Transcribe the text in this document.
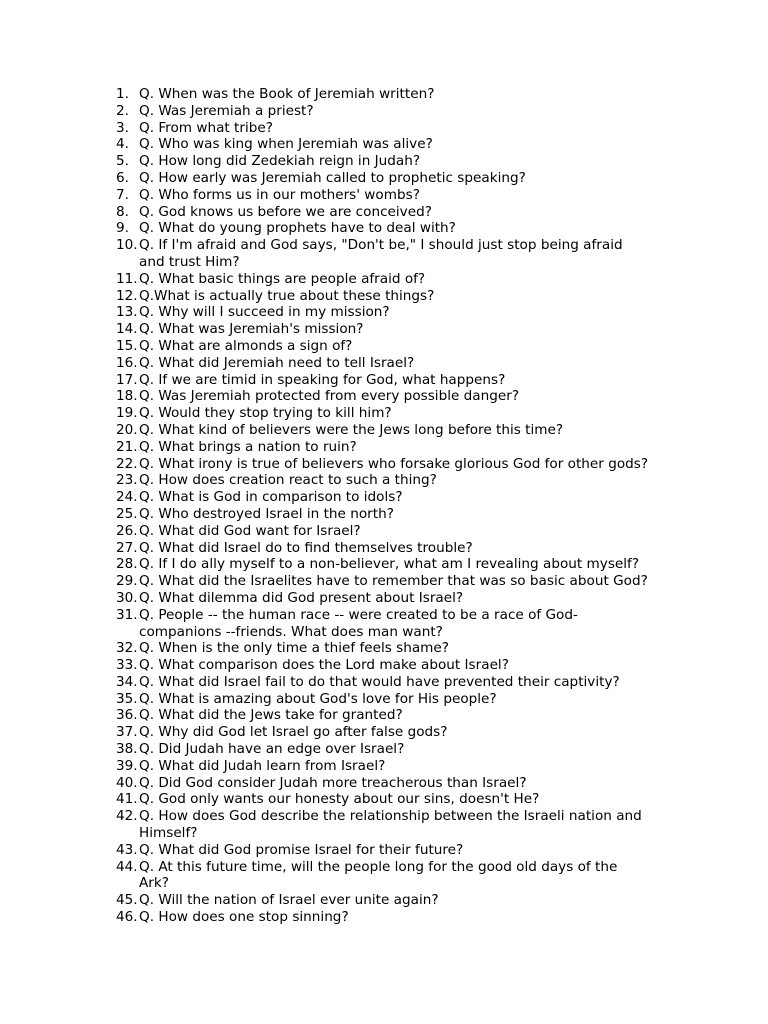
1. Q. When was the Book of Jeremiah written?
2. Q. Was Jeremiah a priest?
3. Q. From what tribe?
4. Q. Who was king when Jeremiah was alive?
5. Q. How long did Zedekiah reign in Judah?
6. Q. How early was Jeremiah called to prophetic speaking?
7. Q. Who forms us in our mothers' wombs?
8. Q. God knows us before we are conceived?
9. Q. What do young prophets have to deal with?
10. Q. If I'm afraid and God says, "Don't be," I should just stop being afraid
and trust Him?
11. Q. What basic things are people afraid of?
12. Q.What is actually true about these things?
13. Q. Why will I succeed in my mission?
14. Q. What was Jeremiah's mission?
15. Q. What are almonds a sign of?
16. Q. What did Jeremiah need to tell Israel?
17. Q. If we are timid in speaking for God, what happens?
18. Q. Was Jeremiah protected from every possible danger?
19. Q. Would they stop trying to kill him?
20. Q. What kind of believers were the Jews long before this time?
21. Q. What brings a nation to ruin?
22. Q. What irony is true of believers who forsake glorious God for other gods?
23. Q. How does creation react to such a thing?
24. Q. What is God in comparison to idols?
25. Q. Who destroyed Israel in the north?
26. Q. What did God want for Israel?
27. Q. What did Israel do to find themselves trouble?
28. Q. If I do ally myself to a non-believer, what am I revealing about myself?
29. Q. What did the Israelites have to remember that was so basic about God?
30. Q. What dilemma did God present about Israel?
31. Q. People -- the human race -- were created to be a race of God-
companions --friends. What does man want?
32. Q. When is the only time a thief feels shame?
33. Q. What comparison does the Lord make about Israel?
34. Q. What did Israel fail to do that would have prevented their captivity?
35. Q. What is amazing about God's love for His people?
36. Q. What did the Jews take for granted?
37. Q. Why did God let Israel go after false gods?
38. Q. Did Judah have an edge over Israel?
39. Q. What did Judah learn from Israel?
40. Q. Did God consider Judah more treacherous than Israel?
41. Q. God only wants our honesty about our sins, doesn't He?
42. Q. How does God describe the relationship between the Israeli nation and
Himself?
43. Q. What did God promise Israel for their future?
44. Q. At this future time, will the people long for the good old days of the
Ark?
45. Q. Will the nation of Israel ever unite again?
46. Q. How does one stop sinning?
